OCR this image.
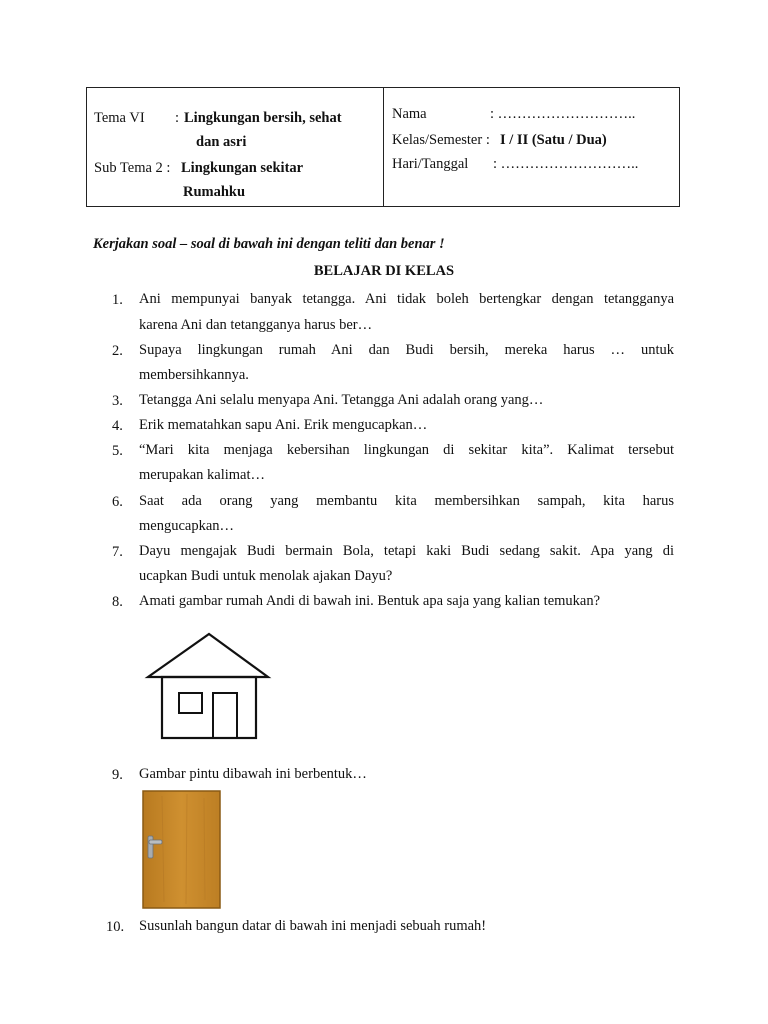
Tema VI : Lingkungan bersih, sehat
dan asri
Sub Tema 2 : Lingkungan sekitar
Rumahku
Nama	: ………………………..
Kelas/Semester : I / II (Satu / Dua)
Hari/Tanggal : ………………………..
Kerjakan soal – soal di bawah ini dengan teliti dan benar !
BELAJAR DI KELAS
1.	Ani mempunyai banyak tetangga. Ani tidak boleh bertengkar dengan tetangganya
karena Ani dan tetangganya harus ber…
2.	Supaya lingkungan rumah Ani dan Budi bersih, mereka harus … untuk
membersihkannya.
3.	Tetangga Ani selalu menyapa Ani. Tetangga Ani adalah orang yang…
4.	Erik mematahkan sapu Ani. Erik mengucapkan…
5.	“Mari kita menjaga kebersihan lingkungan di sekitar kita”. Kalimat tersebut
merupakan kalimat…
6.	Saat ada orang yang membantu kita membersihkan sampah, kita harus
mengucapkan…
7.	Dayu mengajak Budi bermain Bola, tetapi kaki Budi sedang sakit. Apa yang di
ucapkan Budi untuk menolak ajakan Dayu?
8.	Amati gambar rumah Andi di bawah ini. Bentuk apa saja yang kalian temukan?
9.	Gambar pintu dibawah ini berbentuk…
10.	Susunlah bangun datar di bawah ini menjadi sebuah rumah!
